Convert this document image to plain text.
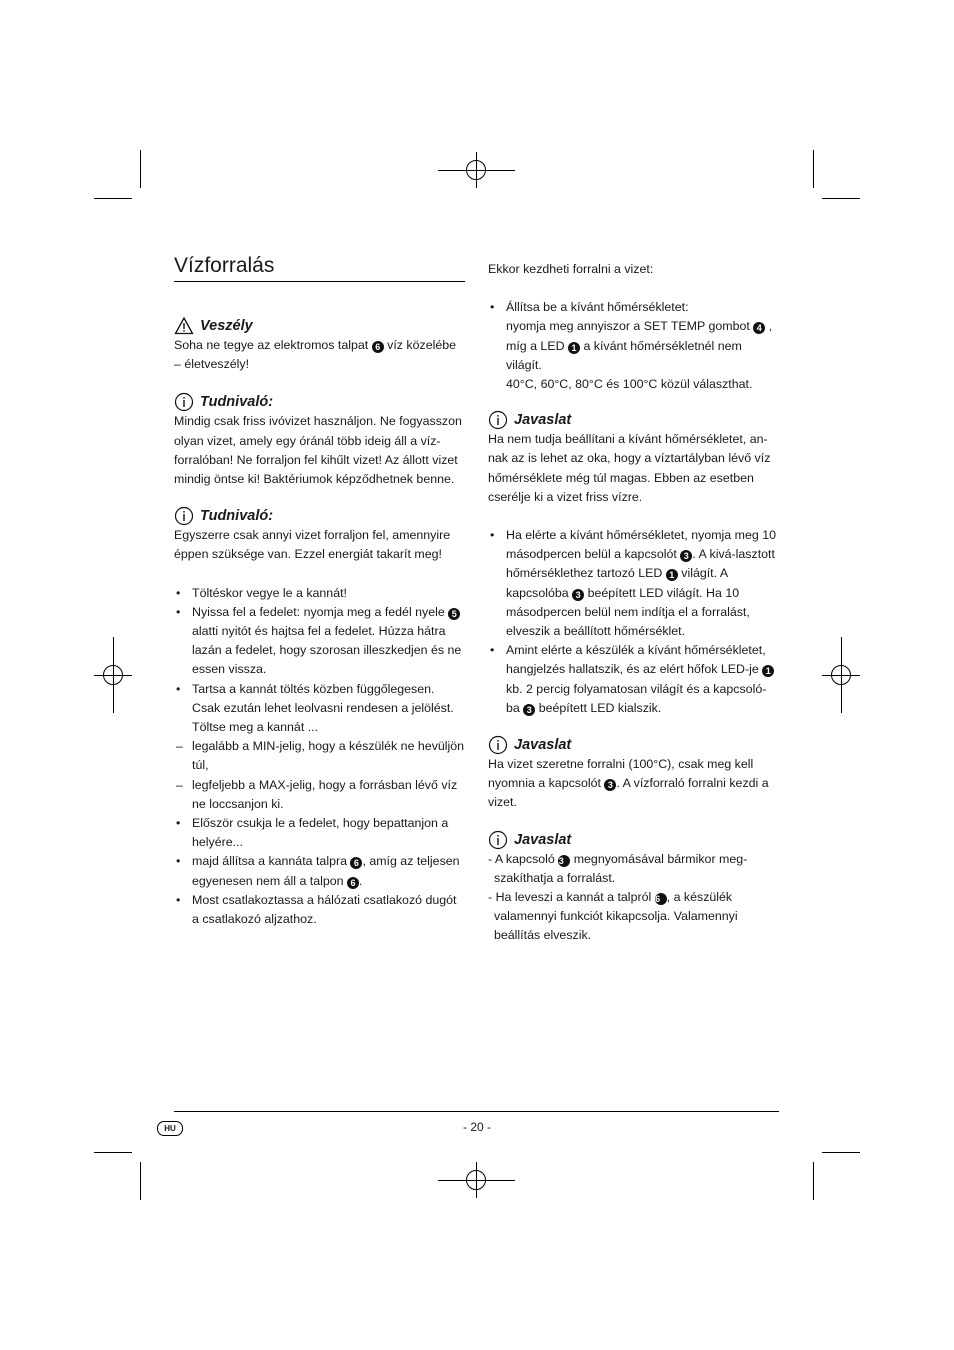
Vízforralás
Veszély

Soha ne tegye az elektromos talpat 6 víz közelébe – életveszély!

Tudnivaló:

Mindig csak friss ivóvizet használjon. Ne fogyasszon olyan vizet, amely egy óránál több ideig áll a víz-forralóban! Ne forraljon fel kihűlt vizet! Az állott vizet mindig öntse ki! Baktériumok képződhetnek benne.

Tudnivaló:

Egyszerre csak annyi vizet forraljon fel, amennyire éppen szüksége van. Ezzel energiát takarít meg!

• Töltéskor vegye le a kannát!
• Nyissa fel a fedelet: nyomja meg a fedél nyele 5 alatti nyitót és hajtsa fel a fedelet. Húzza hátra lazán a fedelet, hogy szorosan illeszkedjen és ne essen vissza.
• Tartsa a kannát töltés közben függőlegesen. Csak ezután lehet leolvasni rendesen a jelölést. Töltse meg a kannát ...
– legalább a MIN-jelig, hogy a készülék ne hevüljön túl,
– legfeljebb a MAX-jelig, hogy a forrásban lévő víz ne loccsanjon ki.
• Először csukja le a fedelet, hogy bepattanjon a helyére...
• majd állítsa a kannáta talpra 6 , amíg az teljesen egyenesen nem áll a talpon 6 .
• Most csatlakoztassa a hálózati csatlakozó dugót a csatlakozó aljzathoz.

Ekkor kezdheti forralni a vizet:

• Állítsa be a kívánt hőmérsékletet:
nyomja meg annyiszor a SET TEMP gombot 4 ,
míg a LED 1 a kívánt hőmérsékletnél nem világít.
40°C, 60°C, 80°C és 100°C közül választhat.
Javaslat

Ha nem tudja beállítani a kívánt hőmérsékletet, an-nak az is lehet az oka, hogy a víztartályban lévő víz hőmérséklete még túl magas. Ebben az esetben cserélje ki a vizet friss vízre.

• Ha elérte a kívánt hőmérsékletet, nyomja meg 10 másodpercen belül a kapcsolót 3 . A kivá-lasztott hőmérséklethez tartozó LED 1 világít. A kapcsolóba 3 beépített LED világít. Ha 10 másodpercen belül nem indítja el a forralást, elveszik a beállított hőmérséklet.
• Amint elérte a készülék a kívánt hőmérsékletet, hangjelzés hallatszik, és az elért hőfok LED-je 1 kb. 2 percig folyamatosan világít és a kapcsoló-ba 3 beépített LED kialszik.
Javaslat

Ha vizet szeretne forralni (100°C), csak meg kell nyomnia a kapcsolót 3 . A vízforraló forralni kezdi a vizet.

Javaslat

- A kapcsoló 3 megnyomásával bármikor meg-szakíthatja a forralást.

- Ha leveszi a kannát a talpról 6 , a készülék valamennyi funkciót kikapcsolja. Valamennyi beállítás elveszik.

HU	- 20 -
